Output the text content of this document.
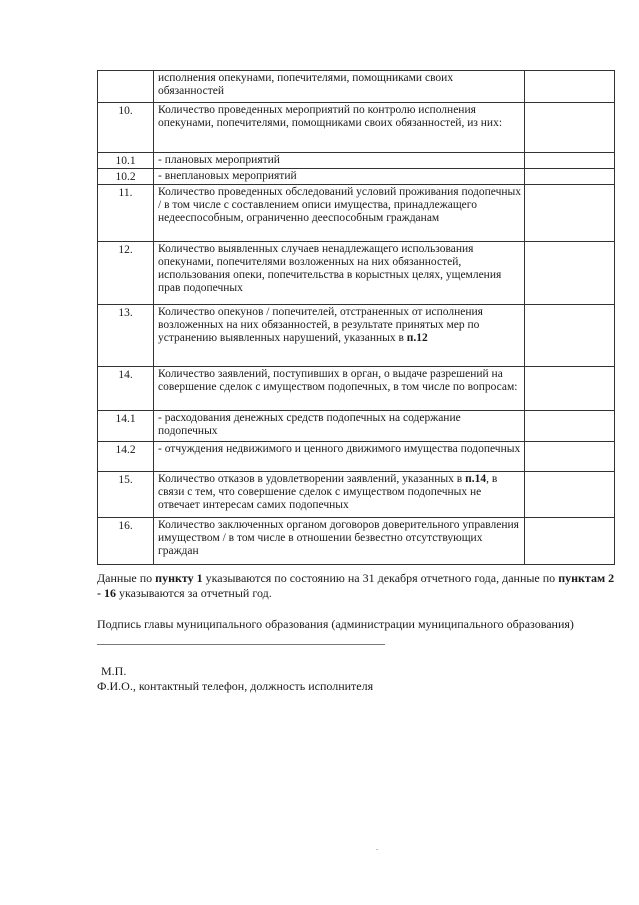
	исполнения опекунами, попечителями, помощниками своих обязанностей	
10.	Количество проведенных мероприятий по контролю исполнения опекунами, попечителями, помощниками своих обязанностей, из них:	
10.1	- плановых мероприятий	
10.2	- внеплановых мероприятий	
11.	Количество проведенных обследований условий проживания подопечных / в том числе с составлением описи имущества, принадлежащего недееспособным, ограниченно дееспособным гражданам	
12.	Количество выявленных случаев ненадлежащего использования опекунами, попечителями возложенных на них обязанностей, использования опеки, попечительства в корыстных целях, ущемления прав подопечных	
13.	Количество опекунов / попечителей, отстраненных от исполнения возложенных на них обязанностей, в результате принятых мер по устранению выявленных нарушений, указанных в п.12	
14.	Количество заявлений, поступивших в орган, о выдаче разрешений на совершение сделок с имуществом подопечных, в том числе по вопросам:	
14.1	- расходования денежных средств подопечных на содержание подопечных	
14.2	- отчуждения недвижимого и ценного движимого имущества подопечных	
15.	Количество отказов в удовлетворении заявлений, указанных в п.14, в связи с тем, что совершение сделок с имуществом подопечных не отвечает интересам самих подопечных	
16.	Количество заключенных органом договоров доверительного управления имуществом / в том числе в отношении безвестно отсутствующих граждан	

Данные по пункту 1 указываются по состоянию на 31 декабря отчетного года, данные по пунктам 2 - 16 указываются за отчетный год.

Подпись главы муниципального образования (администрации муниципального образования) ________________________________________________

М.П.

Ф.И.О., контактный телефон, должность исполнителя
